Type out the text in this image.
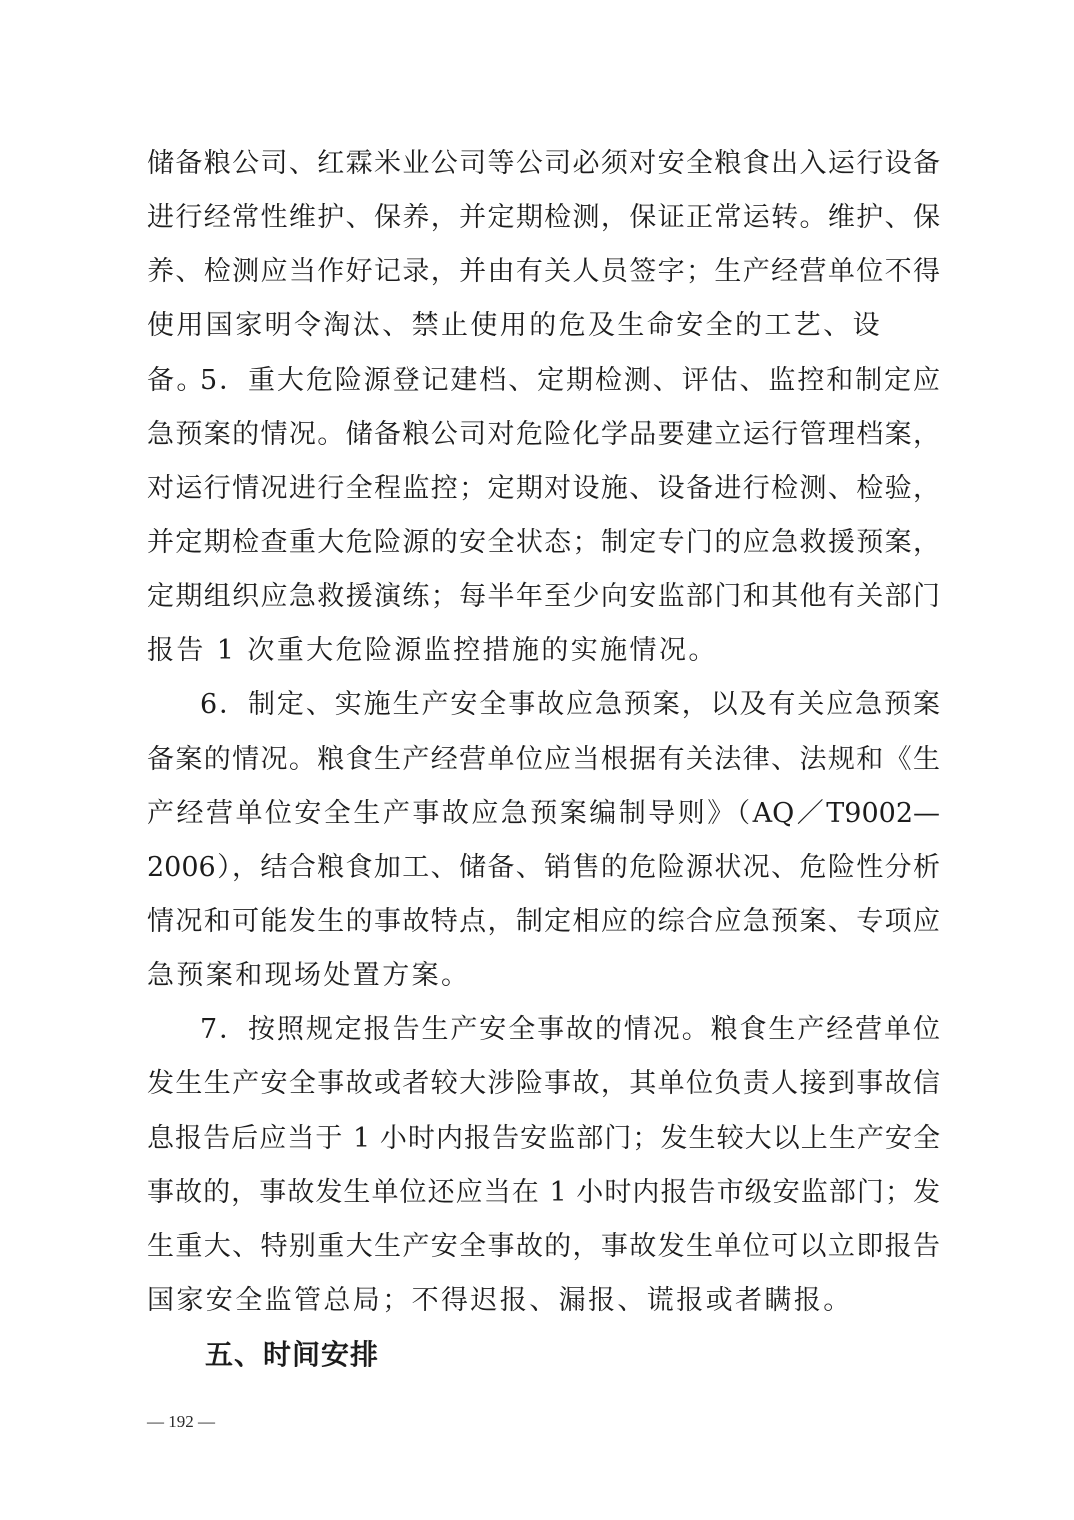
储备粮公司、红霖米业公司等公司必须对安全粮食出入运行设备
进行经常性维护、保养，并定期检测，保证正常运转。维护、保
养、检测应当作好记录，并由有关人员签字；生产经营单位不得
使用国家明令淘汰、禁止使用的危及生命安全的工艺、设备。
5．重大危险源登记建档、定期检测、评估、监控和制定应
急预案的情况。储备粮公司对危险化学品要建立运行管理档案，
对运行情况进行全程监控；定期对设施、设备进行检测、检验，
并定期检查重大危险源的安全状态；制定专门的应急救援预案，
定期组织应急救援演练；每半年至少向安监部门和其他有关部门
报告 1 次重大危险源监控措施的实施情况。
6．制定、实施生产安全事故应急预案，以及有关应急预案
备案的情况。粮食生产经营单位应当根据有关法律、法规和《生
产经营单位安全生产事故应急预案编制导则》（AQ／T9002—
2006），结合粮食加工、储备、销售的危险源状况、危险性分析
情况和可能发生的事故特点，制定相应的综合应急预案、专项应
急预案和现场处置方案。
7．按照规定报告生产安全事故的情况。粮食生产经营单位
发生生产安全事故或者较大涉险事故，其单位负责人接到事故信
息报告后应当于 1 小时内报告安监部门；发生较大以上生产安全
事故的，事故发生单位还应当在 1 小时内报告市级安监部门；发
生重大、特别重大生产安全事故的，事故发生单位可以立即报告
国家安全监管总局；不得迟报、漏报、谎报或者瞒报。
五、时间安排
— 192 —
